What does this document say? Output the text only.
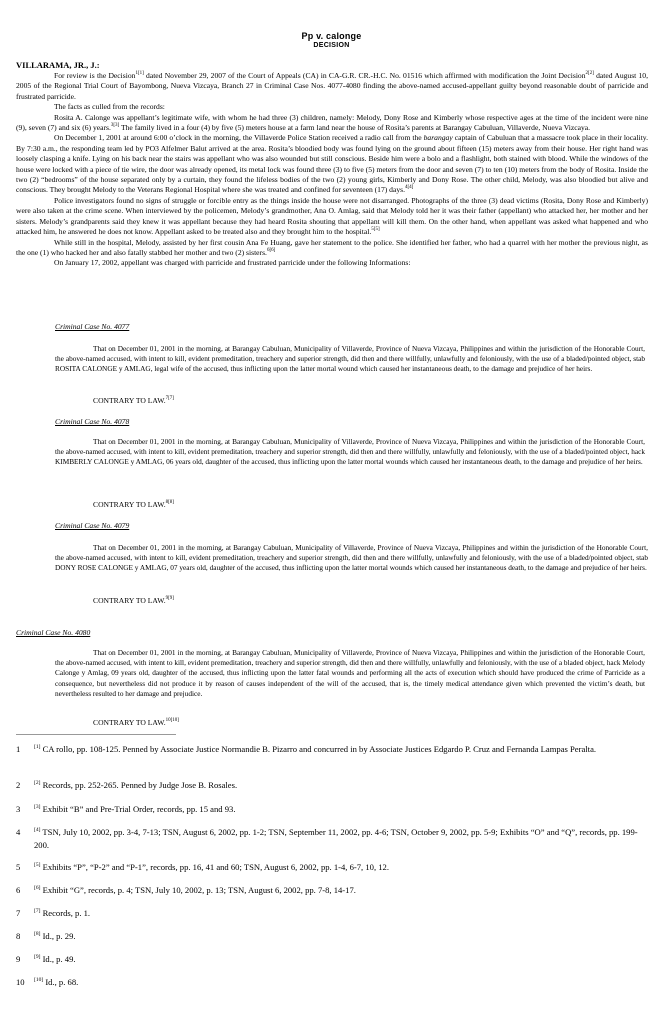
Pp v. calonge
DECISION
VILLARAMA, JR., J.:

For review is the Decision$^{1[1]}$ dated November 29, 2007 of the Court of Appeals (CA) in CA-G.R. CR.-H.C. No. 01516 which affirmed with modification the Joint Decision$^{2[2]}$ dated August 10, 2005 of the Regional Trial Court of Bayombong, Nueva Vizcaya, Branch 27 in Criminal Case Nos. 4077-4080 finding the above-named accused-appellant guilty beyond reasonable doubt of parricide and frustrated parricide.

The facts as culled from the records:

Rosita A. Calonge was appellant’s legitimate wife, with whom he had three (3) children, namely: Melody, Dony Rose and Kimberly whose respective ages at the time of the incident were nine (9), seven (7) and six (6) years.$^{3[3]}$ The family lived in a four (4) by five (5) meters house at a farm land near the house of Rosita’s parents at Barangay Cabuluan, Villaverde, Nueva Vizcaya.

On December 1, 2001 at around 6:00 o’clock in the morning, the Villaverde Police Station received a radio call from the barangay captain of Cabuluan that a massacre took place in their locality. By 7:30 a.m., the responding team led by PO3 Alfelmer Balut arrived at the area. Rosita’s bloodied body was found lying on the ground about fifteen (15) meters away from their house. Her right hand was loosely clasping a knife. Lying on his back near the stairs was appellant who was also wounded but still conscious. Beside him were a bolo and a flashlight, both stained with blood. While the windows of the house were locked with a piece of tie wire, the door was already opened, its metal lock was found three (3) to five (5) meters from the door and seven (7) to ten (10) meters from the body of Rosita. Inside the two (2) “bedrooms” of the house separated only by a curtain, they found the lifeless bodies of the two (2) young girls, Kimberly and Dony Rose. The other child, Melody, was also bloodied but alive and conscious. They brought Melody to the Veterans Regional Hospital where she was treated and confined for seventeen (17) days.$^{4[4]}$

Police investigators found no signs of struggle or forcible entry as the things inside the house were not disarranged. Photographs of the three (3) dead victims (Rosita, Dony Rose and Kimberly) were also taken at the crime scene. When interviewed by the policemen, Melody’s grandmother, Ana O. Amlag, said that Melody told her it was their father (appellant) who attacked her, her mother and her sisters. Melody’s grandparents said they knew it was appellant because they had heard Rosita shouting that appellant will kill them. On the other hand, when appellant was asked what happened and who attacked him, he answered he does not know. Appellant asked to be treated also and they brought him to the hospital.$^{5[5]}$

While still in the hospital, Melody, assisted by her first cousin Ana Fe Huang, gave her statement to the police. She identified her father, who had a quarrel with her mother the previous night, as the one (1) who hacked her and also fatally stabbed her mother and two (2) sisters.$^{6[6]}$

On January 17, 2002, appellant was charged with parricide and frustrated parricide under the following Informations:

Criminal Case No. 4077

That on December 01, 2001 in the morning, at Barangay Cabuluan, Municipality of Villaverde, Province of Nueva Vizcaya, Philippines and within the jurisdiction of the Honorable Court, the above-named accused, with intent to kill, evident premeditation, treachery and superior strength, did then and there willfully, unlawfully and feloniously, with the use of a bladed/pointed object, stab ROSITA CALONGE y AMLAG, legal wife of the accused, thus inflicting upon the latter mortal wound which caused her instantaneous death, to the damage and prejudice of her heirs.

CONTRARY TO LAW.$^{7[7]}$
Criminal Case No. 4078

That on December 01, 2001 in the morning, at Barangay Cabuluan, Municipality of Villaverde, Province of Nueva Vizcaya, Philippines and within the jurisdiction of the Honorable Court, the above-named accused, with intent to kill, evident premeditation, treachery and superior strength, did then and there willfully, unlawfully and feloniously, with the use of a bladed/pointed object, hack KIMBERLY CALONGE y AMLAG, 06 years old, daughter of the accused, thus inflicting upon the latter mortal wounds which caused her instantaneous death, to the damage and prejudice of her heirs.

CONTRARY TO LAW.$^{8[8]}$
Criminal Case No. 4079

That on December 01, 2001 in the morning, at Barangay Cabuluan, Municipality of Villaverde, Province of Nueva Vizcaya, Philippines and within the jurisdiction of the Honorable Court, the above-named accused, with intent to kill, evident premeditation, treachery and superior strength, did then and there willfully, unlawfully and feloniously, with the use of a bladed/pointed object, stab DONY ROSE CALONGE y AMLAG, 07 years old, daughter of the accused, thus inflicting upon the latter mortal wounds which caused her instantaneous death, to the damage and prejudice of her heirs.

CONTRARY TO LAW.$^{9[9]}$
Criminal Case No. 4080

That on December 01, 2001 in the morning, at Barangay Cabuluan, Municipality of Villaverde, Province of Nueva Vizcaya, Philippines and within the jurisdiction of the Honorable Court, the above-named accused, with intent to kill, evident premeditation, treachery and superior strength, did then and there willfully, unlawfully and feloniously, with the use of a bladed object, hack Melody Calonge y Amlag, 09 years old, daughter of the accused, thus inflicting upon the latter fatal wounds and performing all the acts of execution which should have produced the crime of Parricide as a consequence, but nevertheless did not produce it by reason of causes independent of the will of the accused, that is, the timely medical attendance given which prevented the victim’s death, but nevertheless resulted to her damage and prejudice.

CONTRARY TO LAW.$^{10[10]}$
1 [1] CA rollo, pp. 108-125. Penned by Associate Justice Normandie B. Pizarro and concurred in by Associate Justices Edgardo P. Cruz and Fernanda Lampas Peralta.
2 [2] Records, pp. 252-265. Penned by Judge Jose B. Rosales.
3 [3] Exhibit “B” and Pre-Trial Order, records, pp. 15 and 93.
4 [4] TSN, July 10, 2002, pp. 3-4, 7-13; TSN, August 6, 2002, pp. 1-2; TSN, September 11, 2002, pp. 4-6; TSN, October 9, 2002, pp. 5-9; Exhibits “O” and “Q”, records, pp. 199-200.
5 [5] Exhibits “P”, “P-2” and “P-1”, records, pp. 16, 41 and 60; TSN, August 6, 2002, pp. 1-4, 6-7, 10, 12.
6 [6] Exhibit “G”, records, p. 4; TSN, July 10, 2002, p. 13; TSN, August 6, 2002, pp. 7-8, 14-17.
7 [7] Records, p. 1.
8 [8] Id., p. 29.
9 [9] Id., p. 49.
10 [10] Id., p. 68.
